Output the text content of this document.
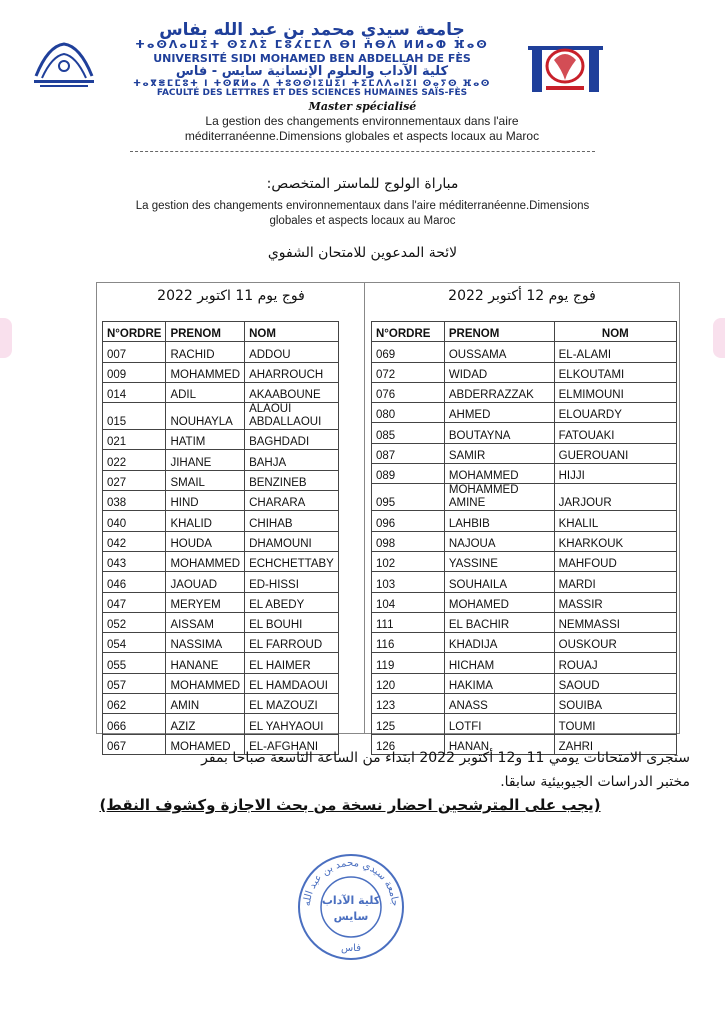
جامعة سيدي محمد بن عبد الله بفاس
ⵜⴰⵙⴷⴰⵡⵉⵜ ⵙⵉⴷⵉ ⵎⵓⵃⵎⵎⴷ ⴱⵏ ⵄⴱⴷ ⵍⵍⴰⵀ ⴼⴰⵙ
UNIVERSITÉ SIDI MOHAMED BEN ABDELLAH DE FÈS
كلية الآداب والعلوم الإنسانية سايس - فاس
ⵜⴰⴳⴻⵎⵎⵓⵜ ⵏ ⵜⵙⴽⵍⴰ ⴷ ⵜⵓⵙⵙⵏⵉⵡⵉⵏ ⵜⵉⵎⴷⴷⴰⵏⵉⵏ ⵙⴰⵢⵙ ⴼⴰⵙ
FACULTÉ DES LETTRES ET DES SCIENCES HUMAINES SAÏS-FÈS
Master spécialisé
La gestion des changements environnementaux dans l'aire
méditerranéenne.Dimensions globales et aspects locaux au Maroc
مباراة الولوج للماستر المتخصص:
La gestion des changements environnementaux dans l'aire méditerranéenne.Dimensions
globales et aspects locaux au Maroc
لائحة المدعوين للامتحان الشفوي
فوج يوم 11 اكتوبر 2022	فوج يوم 12 أكتوبر 2022
N°ORDRE	PRENOM	NOM
007	RACHID	ADDOU
009	MOHAMMED	AHARROUCH
014	ADIL	AKAABOUNE
015	NOUHAYLA	ALAOUI ABDALLAOUI
021	HATIM	BAGHDADI
022	JIHANE	BAHJA
027	SMAIL	BENZINEB
038	HIND	CHARARA
040	KHALID	CHIHAB
042	HOUDA	DHAMOUNI
043	MOHAMMED	ECHCHETTABY
046	JAOUAD	ED-HISSI
047	MERYEM	EL ABEDY
052	AISSAM	EL BOUHI
054	NASSIMA	EL FARROUD
055	HANANE	EL HAIMER
057	MOHAMMED	EL HAMDAOUI
062	AMIN	EL MAZOUZI
066	AZIZ	EL YAHYAOUI
067	MOHAMED	EL-AFGHANI
N°ORDRE	PRENOM	NOM
069	OUSSAMA	EL-ALAMI
072	WIDAD	ELKOUTAMI
076	ABDERRAZZAK	ELMIMOUNI
080	AHMED	ELOUARDY
085	BOUTAYNA	FATOUAKI
087	SAMIR	GUEROUANI
089	MOHAMMED	HIJJI
095	MOHAMMED AMINE	JARJOUR
096	LAHBIB	KHALIL
098	NAJOUA	KHARKOUK
102	YASSINE	MAHFOUD
103	SOUHAILA	MARDI
104	MOHAMED	MASSIR
111	EL BACHIR	NEMMASSI
116	KHADIJA	OUSKOUR
119	HICHAM	ROUAJ
120	HAKIMA	SAOUD
123	ANASS	SOUIBA
125	LOTFI	TOUMI
126	HANAN	ZAHRI
ستجرى الامتحانات يومي 11 و12 أكتوبر 2022 ابتداء من الساعة التاسعة صباحا بمقر
مختبر الدراسات الجيوبيئية سابقا.
(يجب على المترشحين احضار نسخة من بحث الاجازة وكشوف النقط)
جامعة سيدي محمد بن عبد الله
كلية الآداب
سايس
فاس
